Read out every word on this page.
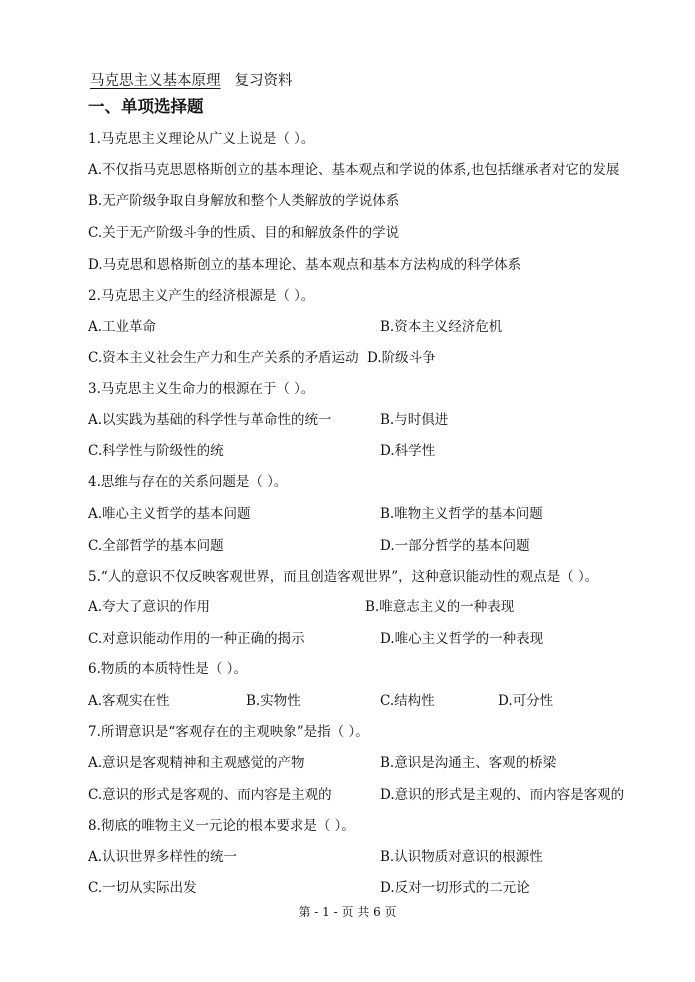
马克思主义基本原理 复习资料
一、单项选择题
1.马克思主义理论从广义上说是（ ）。
A.不仅指马克思恩格斯创立的基本理论、基本观点和学说的体系,也包括继承者对它的发展
B.无产阶级争取自身解放和整个人类解放的学说体系
C.关于无产阶级斗争的性质、目的和解放条件的学说
D.马克思和恩格斯创立的基本理论、基本观点和基本方法构成的科学体系
2.马克思主义产生的经济根源是（ ）。
A.工业革命	B.资本主义经济危机
C.资本主义社会生产力和生产关系的矛盾运动 D.阶级斗争
3.马克思主义生命力的根源在于（ ）。
A.以实践为基础的科学性与革命性的统一	B.与时俱进
C.科学性与阶级性的统	D.科学性
4.思维与存在的关系问题是（ ）。
A.唯心主义哲学的基本问题	B.唯物主义哲学的基本问题
C.全部哲学的基本问题	D.一部分哲学的基本问题
5.“人的意识不仅反映客观世界，而且创造客观世界”，这种意识能动性的观点是（ ）。
A.夸大了意识的作用	B.唯意志主义的一种表现
C.对意识能动作用的一种正确的揭示	D.唯心主义哲学的一种表现
6.物质的本质特性是（ ）。
A.客观实在性	B.实物性	C.结构性	D.可分性
7.所谓意识是“客观存在的主观映象”是指（ ）。
A.意识是客观精神和主观感觉的产物	B.意识是沟通主、客观的桥梁
C.意识的形式是客观的、而内容是主观的	D.意识的形式是主观的、而内容是客观的
8.彻底的唯物主义一元论的根本要求是（ ）。
A.认识世界多样性的统一	B.认识物质对意识的根源性
C.一切从实际出发	D.反对一切形式的二元论
第 - 1 - 页 共 6 页
